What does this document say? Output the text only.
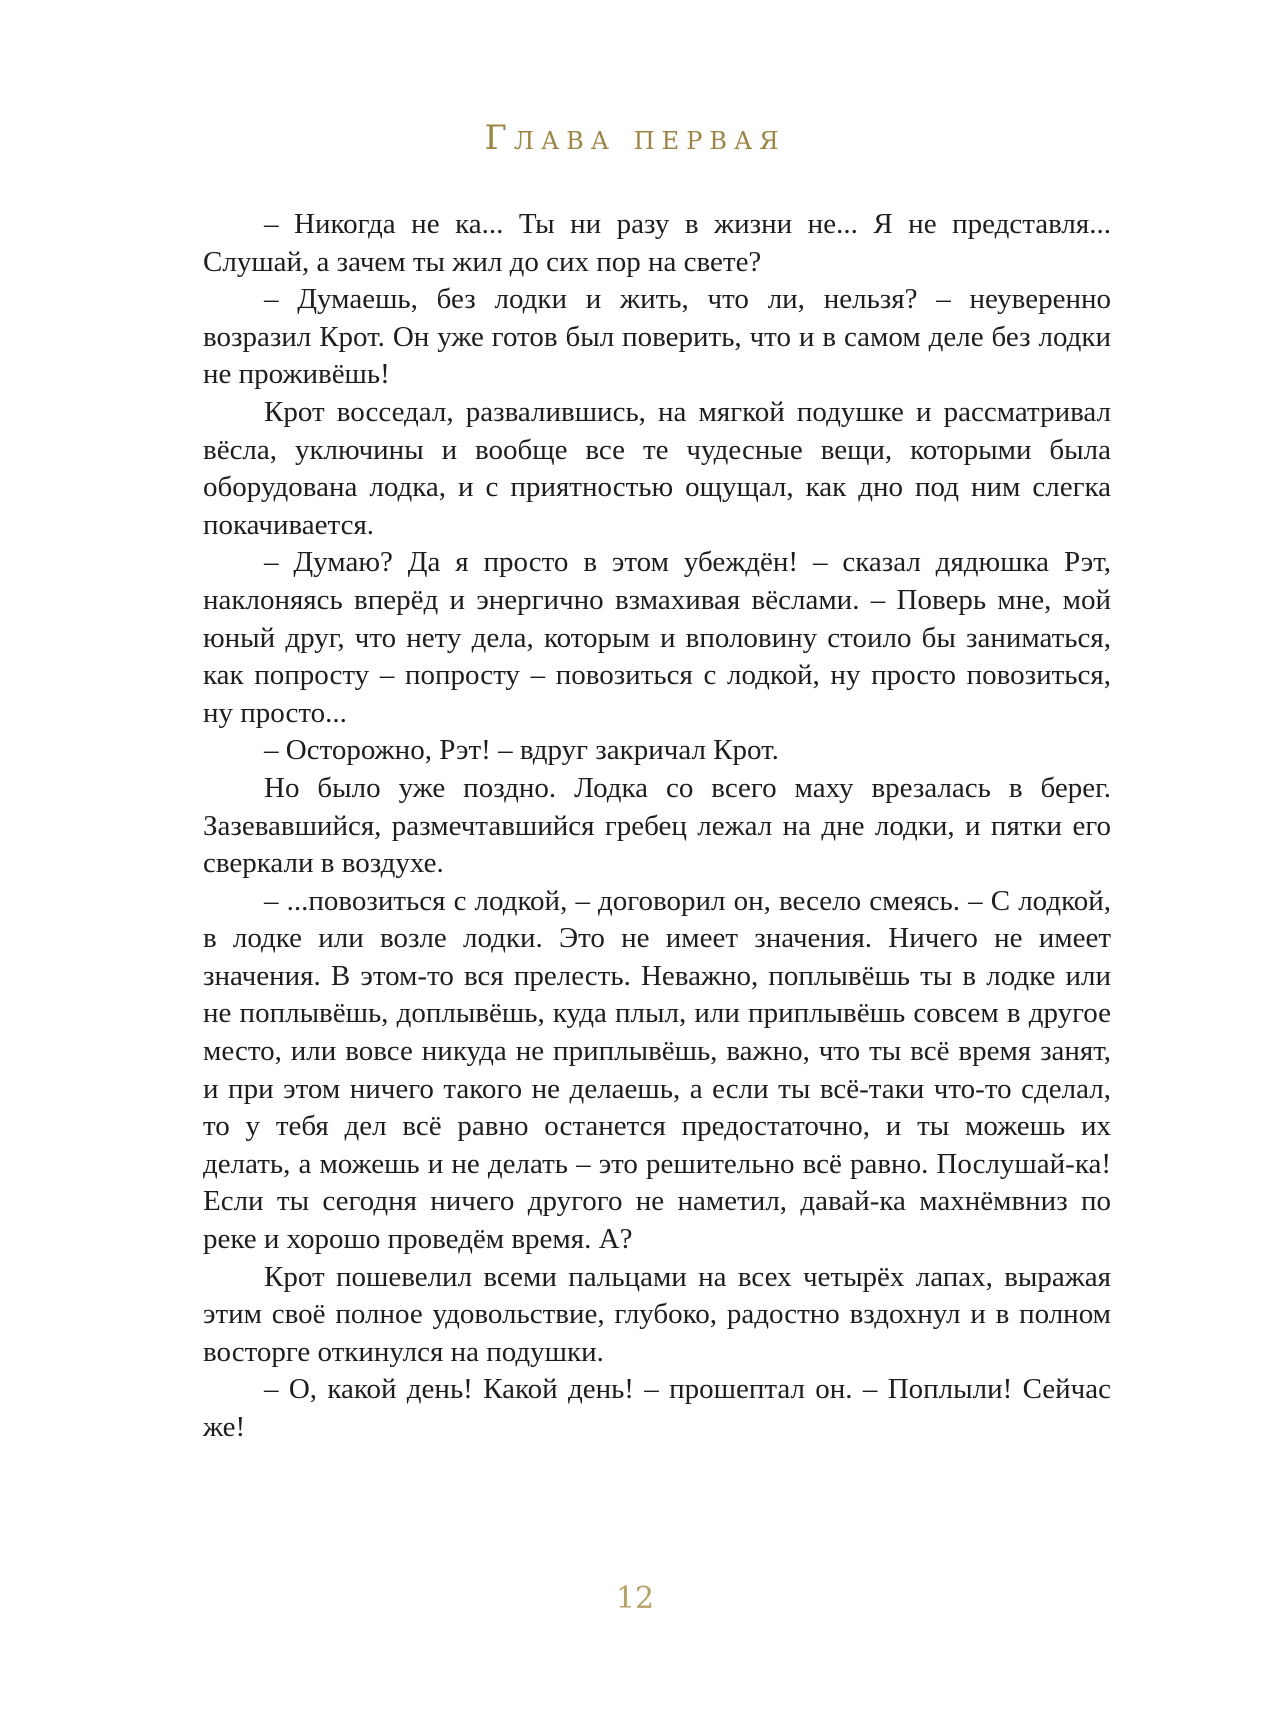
Глава первая

– Никогда не ка... Ты ни разу в жизни не... Я не представля... Слушай, а зачем ты жил до сих пор на свете?

– Думаешь, без лодки и жить, что ли, нельзя? – неуверенно возразил Крот. Он уже готов был поверить, что и в самом деле без лодки не проживёшь!

Крот восседал, развалившись, на мягкой подушке и рассматривал вёсла, уключины и вообще все те чудесные вещи, которыми была оборудована лодка, и с приятностью ощущал, как дно под ним слегка покачивается.

– Думаю? Да я просто в этом убеждён! – сказал дядюшка Рэт, наклоняясь вперёд и энергично взмахивая вёслами. – Поверь мне, мой юный друг, что нету дела, которым и вполовину стоило бы заниматься, как попросту – попросту – повозиться с лодкой, ну просто повозиться, ну просто...

– Осторожно, Рэт! – вдруг закричал Крот.

Но было уже поздно. Лодка со всего маху врезалась в берег. Зазевавшийся, размечтавшийся гребец лежал на дне лодки, и пятки его сверкали в воздухе.

– ...повозиться с лодкой, – договорил он, весело смеясь. – С лодкой, в лодке или возле лодки. Это не имеет значения. Ничего не имеет значения. В этом-то вся прелесть. Неважно, поплывёшь ты в лодке или не поплывёшь, доплывёшь, куда плыл, или приплывёшь совсем в другое место, или вовсе никуда не приплывёшь, важно, что ты всё время занят, и при этом ничего такого не делаешь, а если ты всё-таки что-то сделал, то у тебя дел всё равно останется предостаточно, и ты можешь их делать, а можешь и не делать – это решительно всё равно. Послушай-ка! Если ты сегодня ничего другого не наметил, давай-ка махнёмвниз по реке и хорошо проведём время. А?

Крот пошевелил всеми пальцами на всех четырёх лапах, выражая этим своё полное удовольствие, глубоко, радостно вздохнул и в полном восторге откинулся на подушки.

– О, какой день! Какой день! – прошептал он. – Поплыли! Сейчас же!

12
